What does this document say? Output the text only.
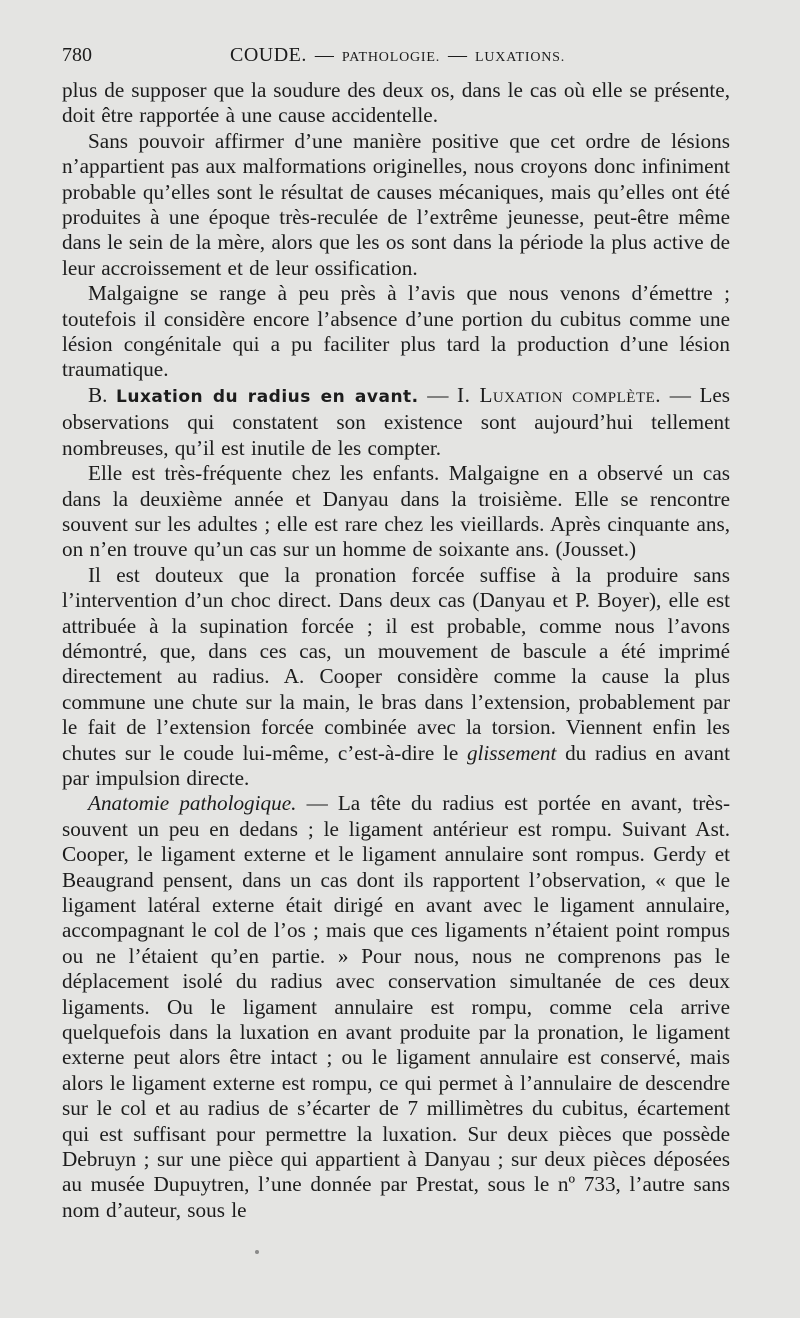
780	COUDE. — PATHOLOGIE. — LUXATIONS.

plus de supposer que la soudure des deux os, dans le cas où elle se présente, doit être rapportée à une cause accidentelle.

Sans pouvoir affirmer d’une manière positive que cet ordre de lésions n’appartient pas aux malformations originelles, nous croyons donc infiniment probable qu’elles sont le résultat de causes mécaniques, mais qu’elles ont été produites à une époque très-reculée de l’extrême jeunesse, peut-être même dans le sein de la mère, alors que les os sont dans la période la plus active de leur accroissement et de leur ossification.

Malgaigne se range à peu près à l’avis que nous venons d’émettre ; toutefois il considère encore l’absence d’une portion du cubitus comme une lésion congénitale qui a pu faciliter plus tard la production d’une lésion traumatique.

B. Luxation du radius en avant. — I. Luxation complète. — Les observations qui constatent son existence sont aujourd’hui tellement nombreuses, qu’il est inutile de les compter.

Elle est très-fréquente chez les enfants. Malgaigne en a observé un cas dans la deuxième année et Danyau dans la troisième. Elle se rencontre souvent sur les adultes ; elle est rare chez les vieillards. Après cinquante ans, on n’en trouve qu’un cas sur un homme de soixante ans. (Jousset.)

Il est douteux que la pronation forcée suffise à la produire sans l’intervention d’un choc direct. Dans deux cas (Danyau et P. Boyer), elle est attribuée à la supination forcée ; il est probable, comme nous l’avons démontré, que, dans ces cas, un mouvement de bascule a été imprimé directement au radius. A. Cooper considère comme la cause la plus commune une chute sur la main, le bras dans l’extension, probablement par le fait de l’extension forcée combinée avec la torsion. Viennent enfin les chutes sur le coude lui-même, c’est-à-dire le glissement du radius en avant par impulsion directe.

Anatomie pathologique. — La tête du radius est portée en avant, très-souvent un peu en dedans ; le ligament antérieur est rompu. Suivant Ast. Cooper, le ligament externe et le ligament annulaire sont rompus. Gerdy et Beaugrand pensent, dans un cas dont ils rapportent l’observation, « que le ligament latéral externe était dirigé en avant avec le ligament annulaire, accompagnant le col de l’os ; mais que ces ligaments n’étaient point rompus ou ne l’étaient qu’en partie. » Pour nous, nous ne comprenons pas le déplacement isolé du radius avec conservation simultanée de ces deux ligaments. Ou le ligament annulaire est rompu, comme cela arrive quelquefois dans la luxation en avant produite par la pronation, le ligament externe peut alors être intact ; ou le ligament annulaire est conservé, mais alors le ligament externe est rompu, ce qui permet à l’annulaire de descendre sur le col et au radius de s’écarter de 7 millimètres du cubitus, écartement qui est suffisant pour permettre la luxation. Sur deux pièces que possède Debruyn ; sur une pièce qui appartient à Danyau ; sur deux pièces déposées au musée Dupuytren, l’une donnée par Prestat, sous le nº 733, l’autre sans nom d’auteur, sous le
